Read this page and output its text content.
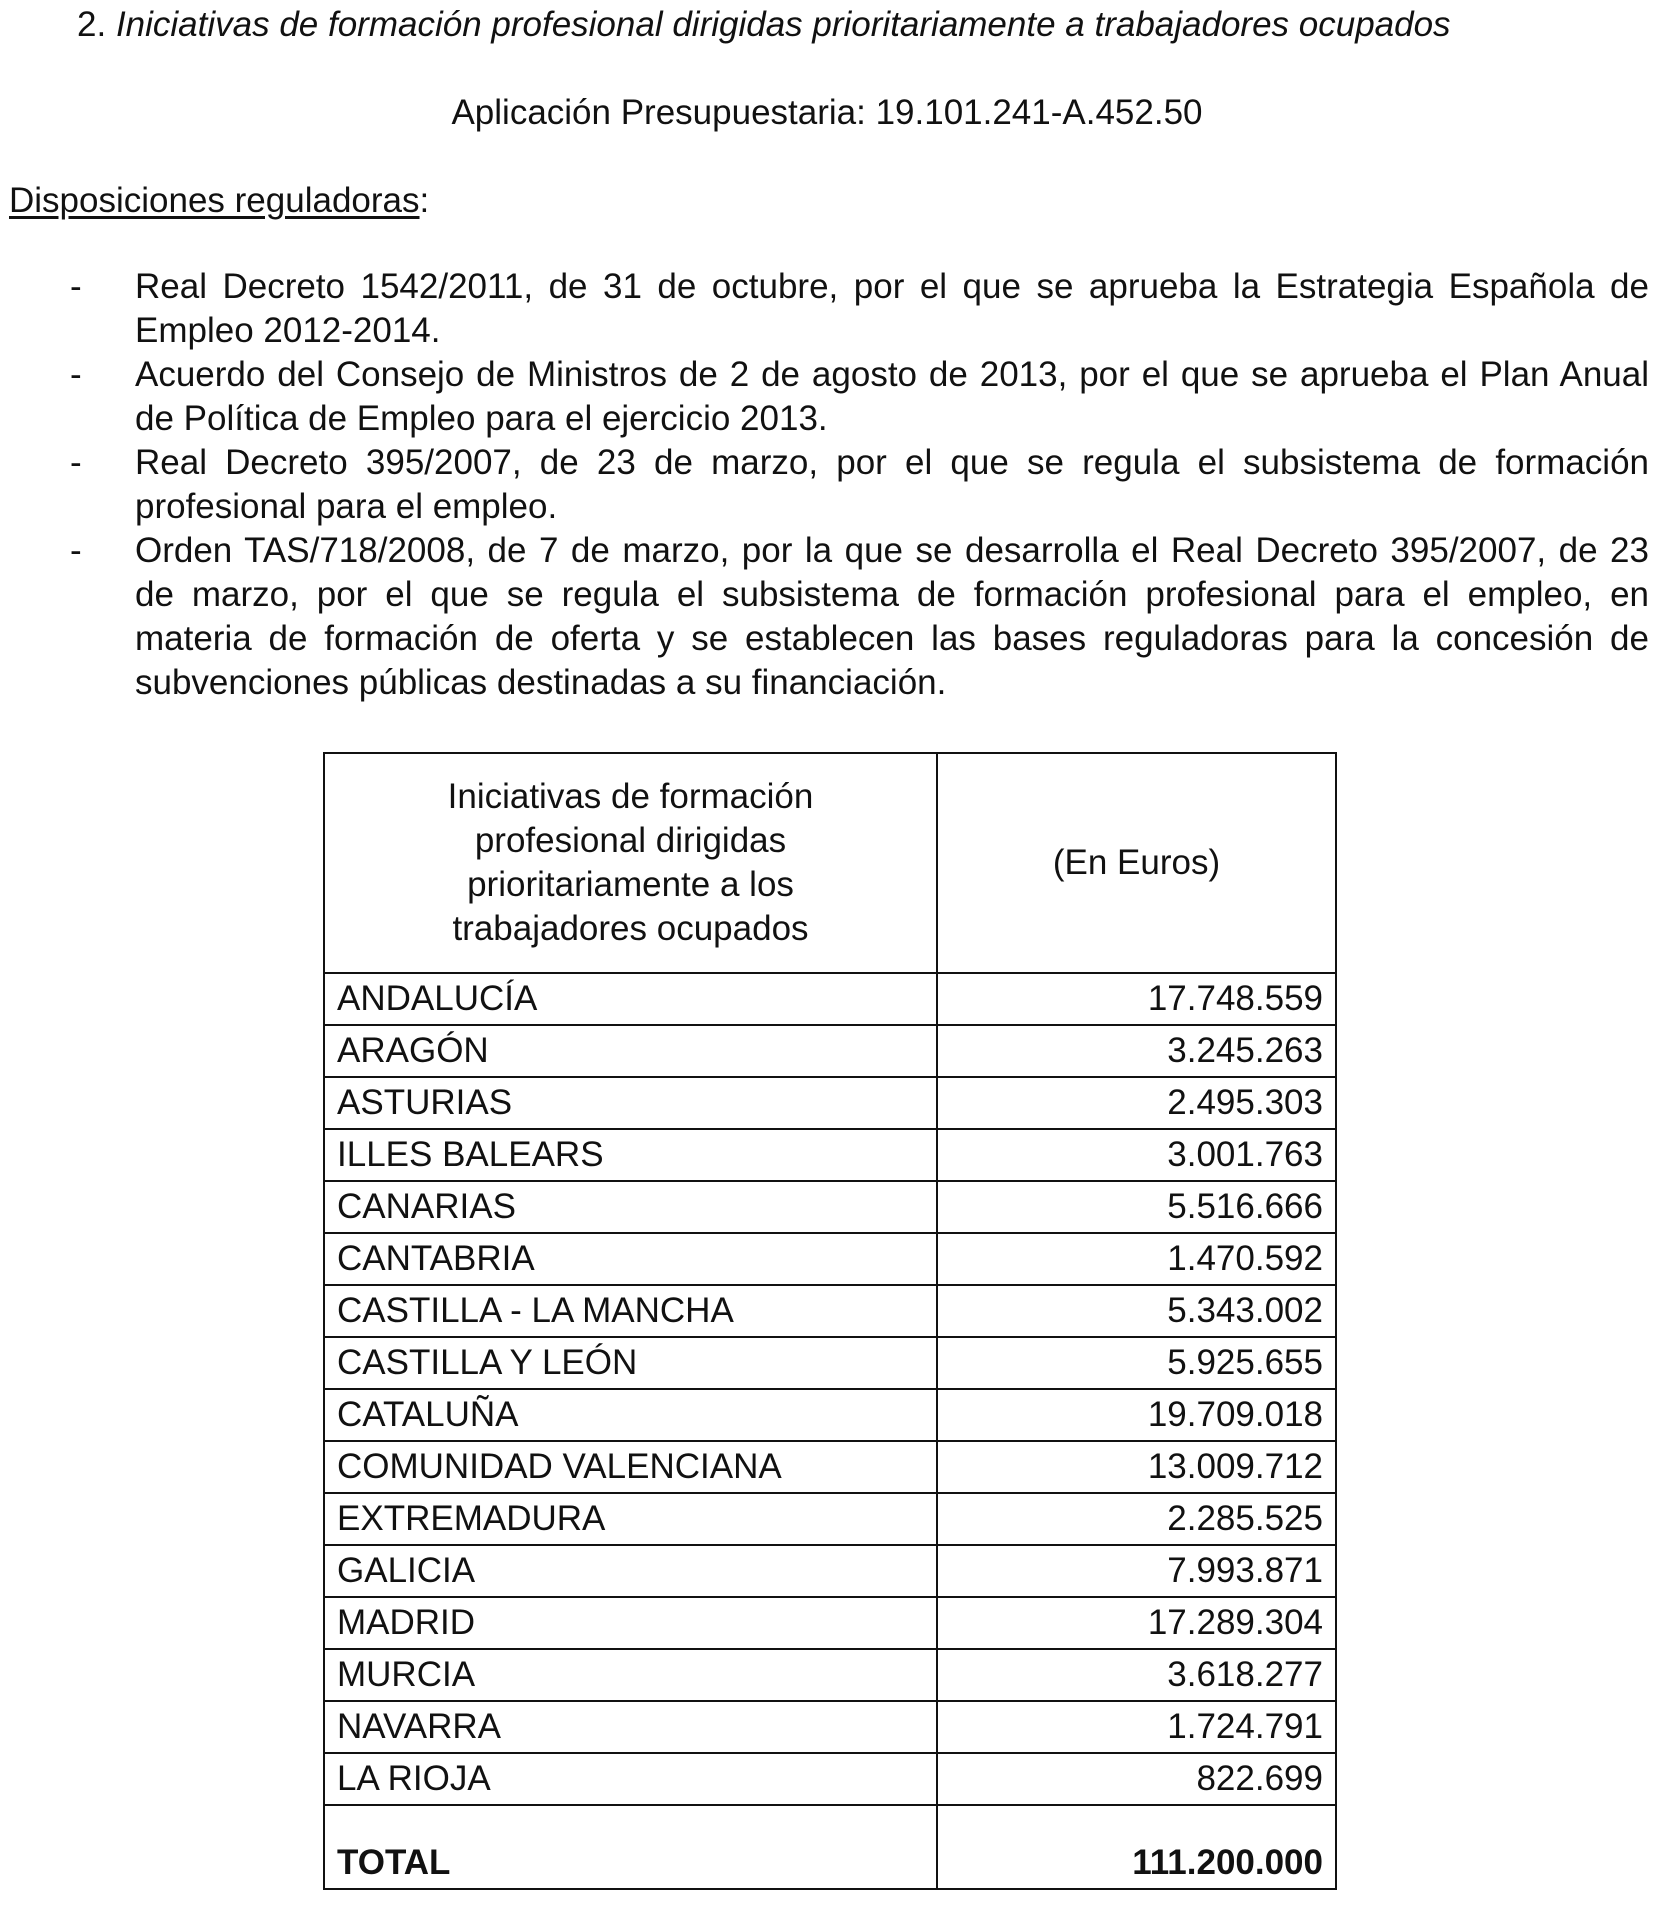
2. Iniciativas de formación profesional dirigidas prioritariamente a trabajadores ocupados
Aplicación Presupuestaria: 19.101.241-A.452.50
Disposiciones reguladoras:
- Real Decreto 1542/2011, de 31 de octubre, por el que se aprueba la Estrategia Española de Empleo 2012-2014.
- Acuerdo del Consejo de Ministros de 2 de agosto de 2013, por el que se aprueba el Plan Anual de Política de Empleo para el ejercicio 2013.
- Real Decreto 395/2007, de 23 de marzo, por el que se regula el subsistema de formación profesional para el empleo.
- Orden TAS/718/2008, de 7 de marzo, por la que se desarrolla el Real Decreto 395/2007, de 23 de marzo, por el que se regula el subsistema de formación profesional para el empleo, en materia de formación de oferta y se establecen las bases reguladoras para la concesión de subvenciones públicas destinadas a su financiación.
Iniciativas de formación profesional dirigidas prioritariamente a los trabajadores ocupados	(En Euros)
ANDALUCÍA	17.748.559
ARAGÓN	3.245.263
ASTURIAS	2.495.303
ILLES BALEARS	3.001.763
CANARIAS	5.516.666
CANTABRIA	1.470.592
CASTILLA - LA MANCHA	5.343.002
CASTILLA Y LEÓN	5.925.655
CATALUÑA	19.709.018
COMUNIDAD VALENCIANA	13.009.712
EXTREMADURA	2.285.525
GALICIA	7.993.871
MADRID	17.289.304
MURCIA	3.618.277
NAVARRA	1.724.791
LA RIOJA	822.699
TOTAL	111.200.000
